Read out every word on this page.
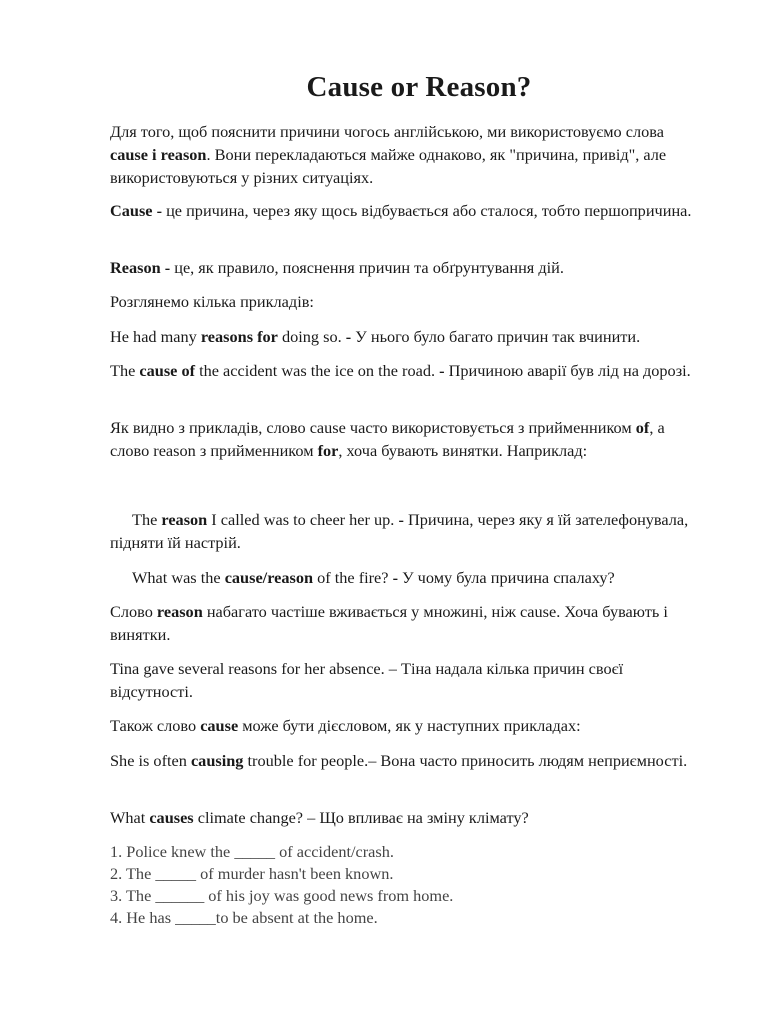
Cause or Reason?

Для того, щоб пояснити причини чогось англійською, ми використовуємо слова cause і reason. Вони перекладаються майже однаково, як "причина, привід", але використовуються у різних ситуаціях.

Cause - це причина, через яку щось відбувається або сталося, тобто першопричина.

Reason - це, як правило, пояснення причин та обґрунтування дій.

Розглянемо кілька прикладів:

He had many reasons for doing so. - У нього було багато причин так вчинити.

The cause of the accident was the ice on the road. - Причиною аварії був лід на дорозі.

Як видно з прикладів, слово cause часто використовується з прийменником of, а слово reason з прийменником for, хоча бувають винятки. Наприклад:

The reason I called was to cheer her up. - Причина, через яку я їй зателефонувала, підняти їй настрій.

What was the cause/reason of the fire? - У чому була причина спалаху?

Слово reason набагато частіше вживається у множині, ніж cause. Хоча бувають і винятки.

Tina gave several reasons for her absence. – Тіна надала кілька причин своєї відсутності.

Також слово cause може бути дієсловом, як у наступних прикладах:

She is often causing trouble for people.– Вона часто приносить людям неприємності.

What causes climate change? – Що впливає на зміну клімату?

1. Police knew the _____ of accident/crash.
2. The _____ of murder hasn't been known.
3. The ______ of his joy was good news from home.
4. He has _____to be absent at the home.
